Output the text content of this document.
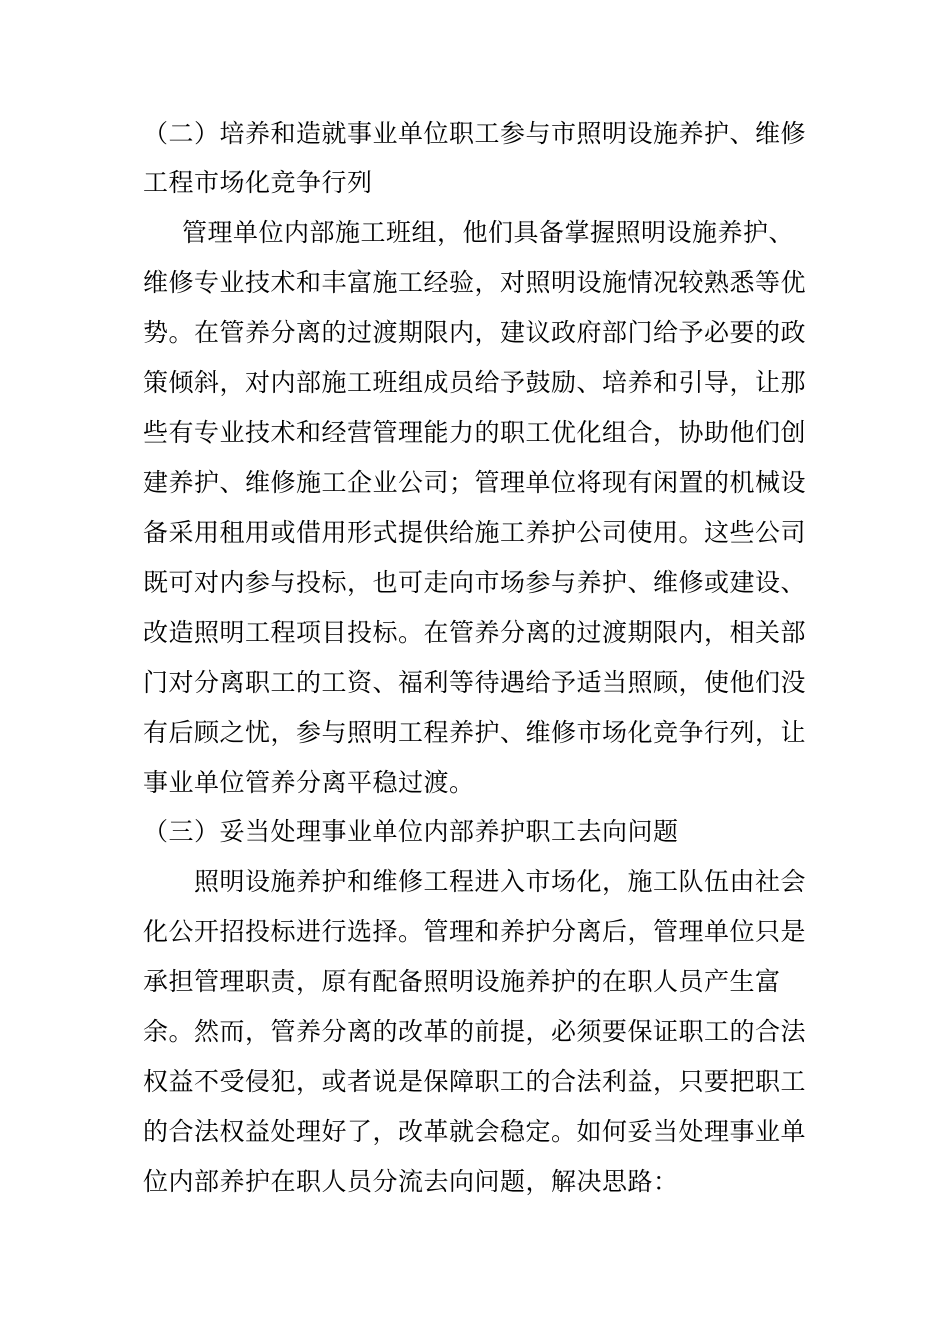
（二）培养和造就事业单位职工参与市照明设施养护、维修
工程市场化竞争行列
管理单位内部施工班组，他们具备掌握照明设施养护、
维修专业技术和丰富施工经验，对照明设施情况较熟悉等优
势。在管养分离的过渡期限内，建议政府部门给予必要的政
策倾斜，对内部施工班组成员给予鼓励、培养和引导，让那
些有专业技术和经营管理能力的职工优化组合，协助他们创
建养护、维修施工企业公司；管理单位将现有闲置的机械设
备采用租用或借用形式提供给施工养护公司使用。这些公司
既可对内参与投标，也可走向市场参与养护、维修或建设、
改造照明工程项目投标。在管养分离的过渡期限内，相关部
门对分离职工的工资、福利等待遇给予适当照顾，使他们没
有后顾之忧，参与照明工程养护、维修市场化竞争行列，让
事业单位管养分离平稳过渡。
（三）妥当处理事业单位内部养护职工去向问题
照明设施养护和维修工程进入市场化，施工队伍由社会
化公开招投标进行选择。管理和养护分离后，管理单位只是
承担管理职责，原有配备照明设施养护的在职人员产生富
余。然而，管养分离的改革的前提，必须要保证职工的合法
权益不受侵犯，或者说是保障职工的合法利益，只要把职工
的合法权益处理好了，改革就会稳定。如何妥当处理事业单
位内部养护在职人员分流去向问题，解决思路：
